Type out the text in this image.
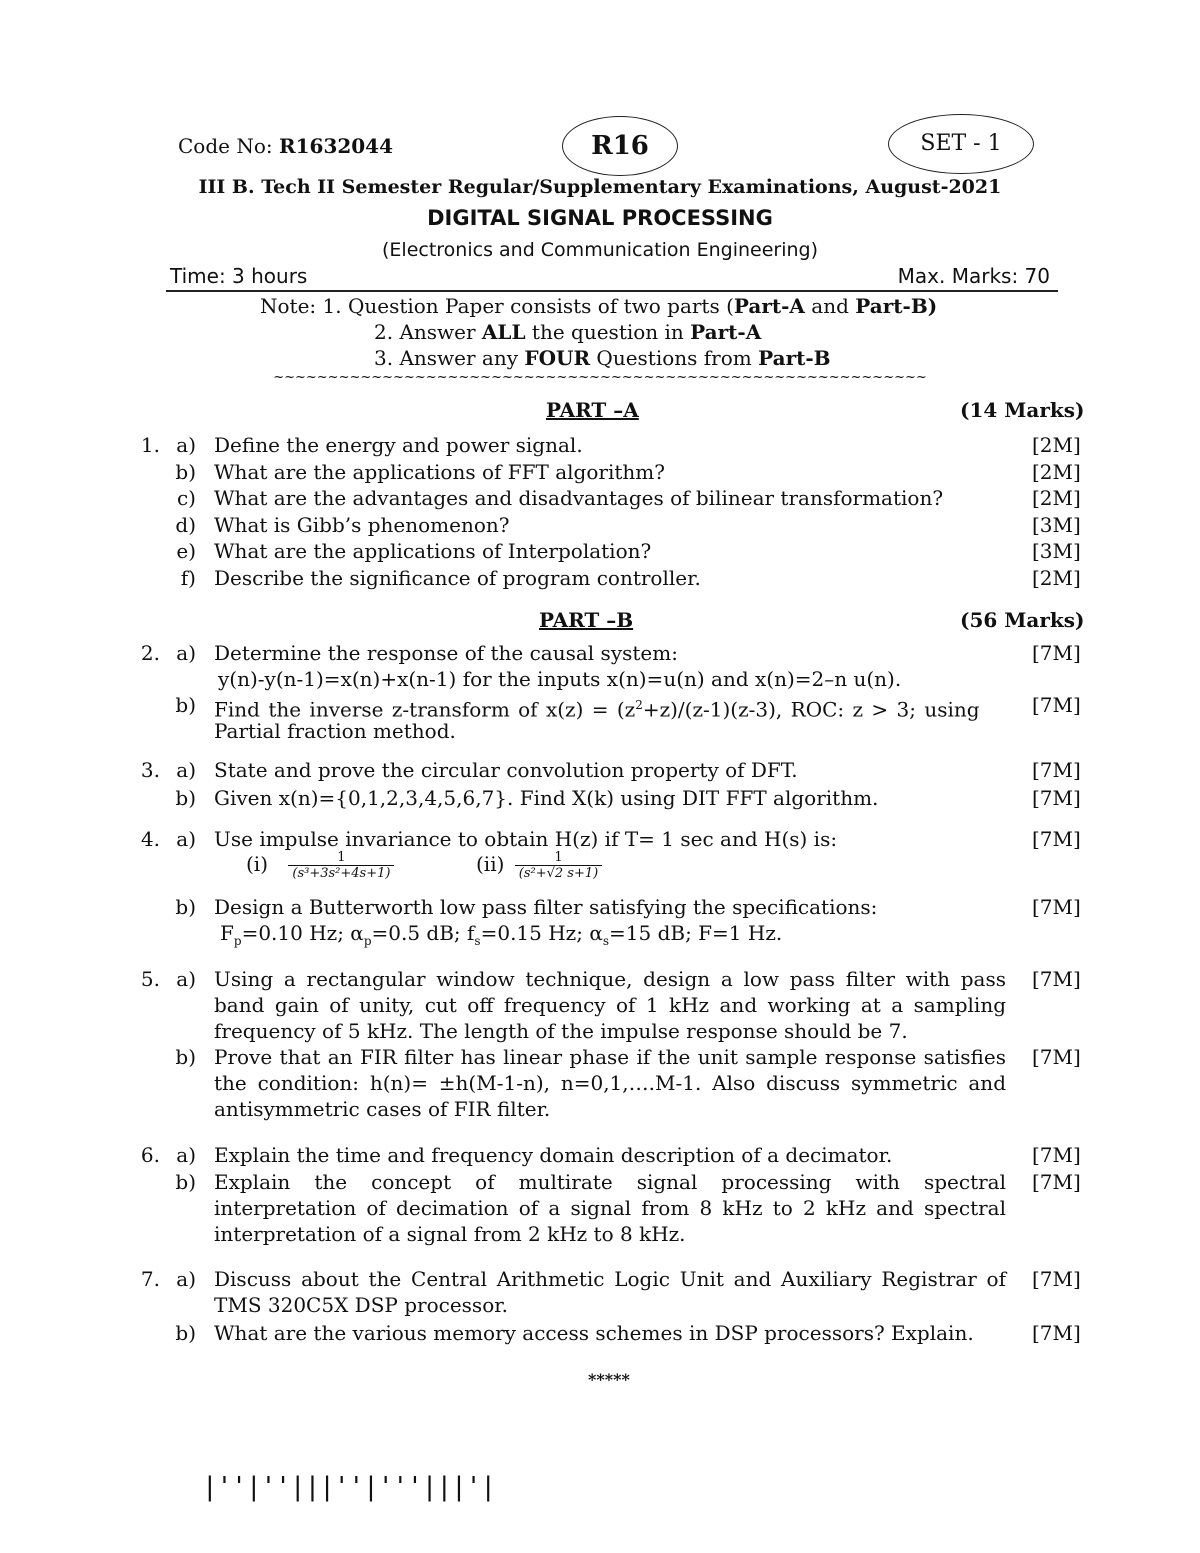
Code No: R1632044	R16	SET - 1
III B. Tech II Semester Regular/Supplementary Examinations, August-2021
DIGITAL SIGNAL PROCESSING
(Electronics and Communication Engineering)
Time: 3 hours	Max. Marks: 70
Note: 1. Question Paper consists of two parts (Part-A and Part-B)
2. Answer ALL the question in Part-A
3. Answer any FOUR Questions from Part-B
~~~~~~~~~~~~~~~~~~~~~~~~~~~~~~~~~~~~~~~~~~~~~~~~~~~~~~~~~~~~
PART –A	(14 Marks)
1. a) Define the energy and power signal.	[2M]
b) What are the applications of FFT algorithm?	[2M]
c) What are the advantages and disadvantages of bilinear transformation?	[2M]
d) What is Gibb’s phenomenon?	[3M]
e) What are the applications of Interpolation?	[3M]
f) Describe the significance of program controller.	[2M]
PART –B	(56 Marks)
2. a) Determine the response of the causal system:	[7M]
y(n)-y(n-1)=x(n)+x(n-1) for the inputs x(n)=u(n) and x(n)=2–n u(n).
b) Find the inverse z-transform of $x(z) = (z^2+z)/(z-1)(z-3)$, ROC: z > 3; using	[7M]
Partial fraction method.
3. a) State and prove the circular convolution property of DFT.	[7M]
b) Given x(n)={0,1,2,3,4,5,6,7}. Find X(k) using DIT FFT algorithm.	[7M]
4. a) Use impulse invariance to obtain H(z) if T= 1 sec and H(s) is:	[7M]
$(i) \frac{1}{\text{(s³+3s²+4s+1)}}$	$(ii) \frac{1}{\text{(s²+√2 s+1)}}$
b) Design a Butterworth low pass filter satisfying the specifications:	[7M]
$F_p=0.10$ Hz; $\alpha_p=0.5$ dB; $f_s=0.15$ Hz; $\alpha_s=15$ dB; F=1 Hz.
5. a) Using a rectangular window technique, design a low pass filter with pass band gain of unity, cut off frequency of 1 kHz and working at a sampling frequency of 5 kHz. The length of the impulse response should be 7.
[7M]
b) Prove that an FIR filter has linear phase if the unit sample response satisfies the condition: h(n)= ±h(M-1-n), n=0,1,….M-1. Also discuss symmetric and antisymmetric cases of FIR filter.
[7M]
6. a) Explain the time and frequency domain description of a decimator.	[7M]
b) Explain the concept of multirate signal processing with spectral interpretation of decimation of a signal from 8 kHz to 2 kHz and spectral interpretation of a signal from 2 kHz to 8 kHz.
[7M]
7. a) Discuss about the Central Arithmetic Logic Unit and Auxiliary Registrar of TMS 320C5X DSP processor.
[7M]
b) What are the various memory access schemes in DSP processors? Explain.	[7M]
*****
|''|''|||''|'''|||'|
